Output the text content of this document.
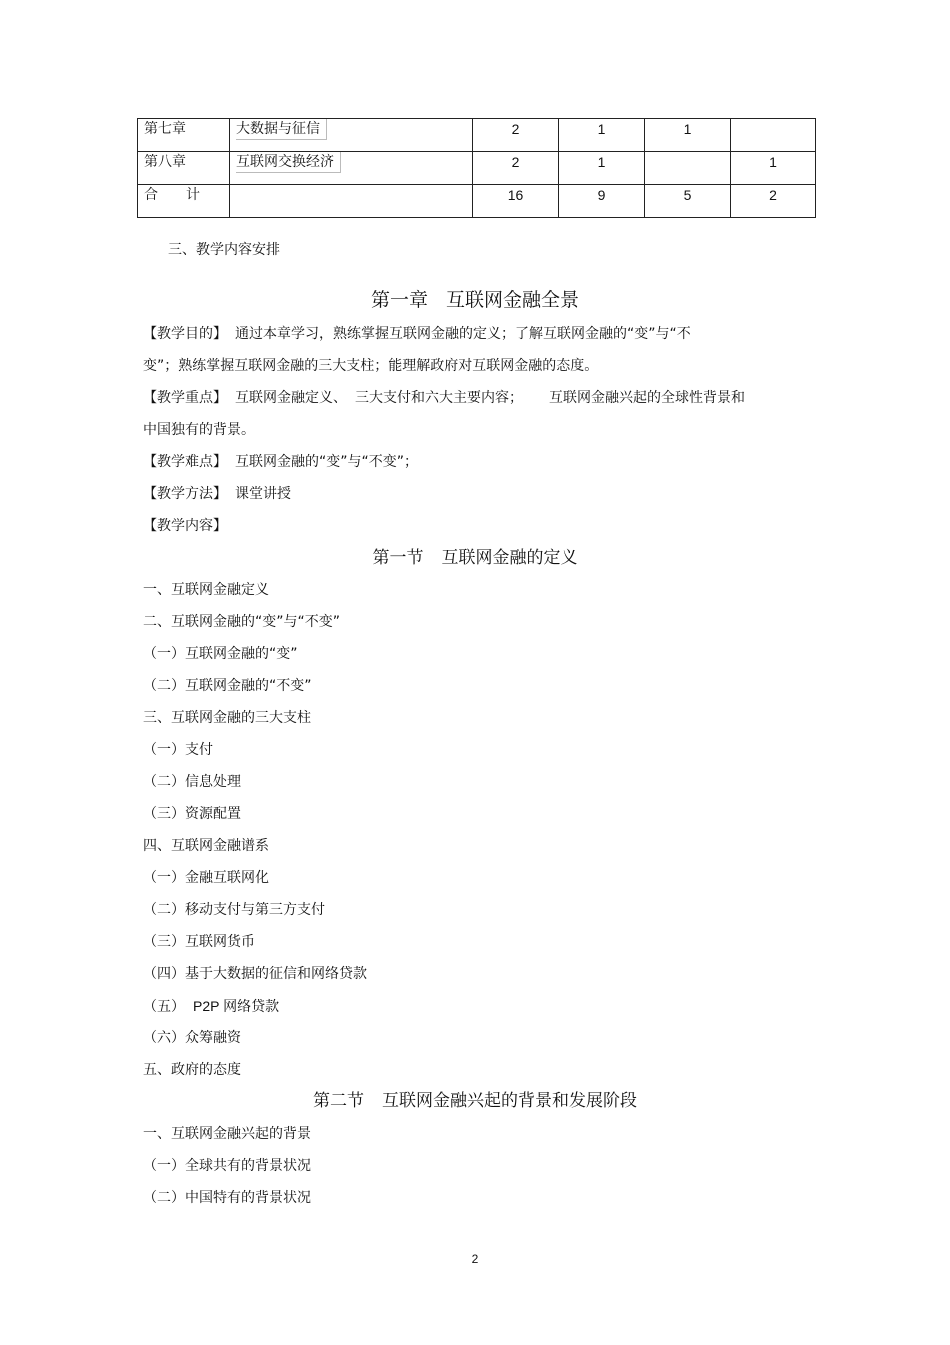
第七章	大数据与征信	2	1	1	
第八章	互联网交换经济	2	1		1
合　　计		16	9	5	2
三、教学内容安排
第一章 互联网金融全景
【教学目的】 通过本章学习，熟练掌握互联网金融的定义；了解互联网金融的“变”与“不
变”；熟练掌握互联网金融的三大支柱；能理解政府对互联网金融的态度。
【教学重点】 互联网金融定义、 三大支付和六大主要内容； 互联网金融兴起的全球性背景和
中国独有的背景。
【教学难点】 互联网金融的“变”与“不变”；
【教学方法】 课堂讲授
【教学内容】
第一节 互联网金融的定义
一、互联网金融定义
二、互联网金融的“变”与“不变”
（一）互联网金融的“变”
（二）互联网金融的“不变”
三、互联网金融的三大支柱
（一）支付
（二）信息处理
（三）资源配置
四、互联网金融谱系
（一）金融互联网化
（二）移动支付与第三方支付
（三）互联网货币
（四）基于大数据的征信和网络贷款
（五） P2P 网络贷款
（六）众筹融资
五、政府的态度
第二节 互联网金融兴起的背景和发展阶段
一、互联网金融兴起的背景
（一）全球共有的背景状况
（二）中国特有的背景状况
2
